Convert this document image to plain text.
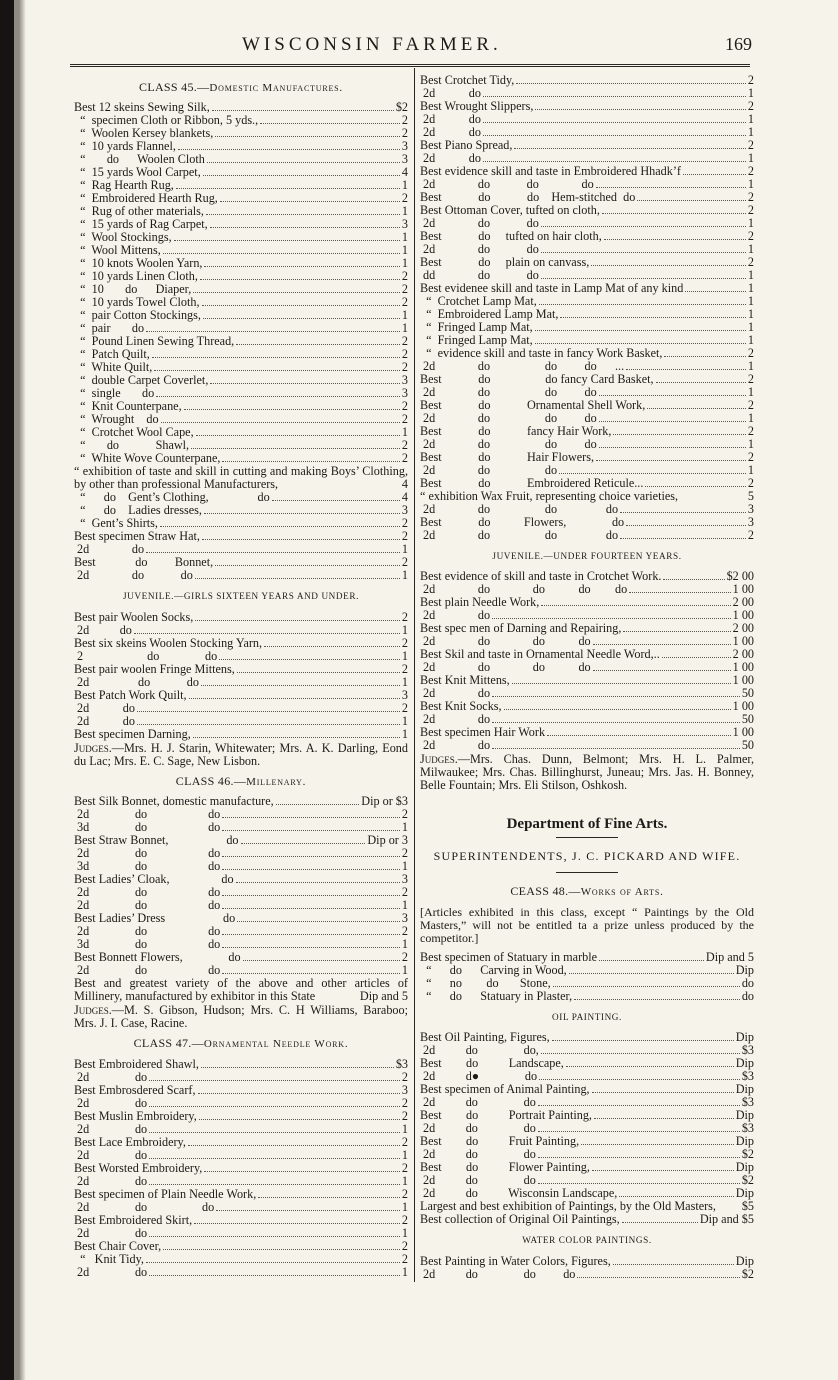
WISCONSIN FARMER.	169
CLASS 45.—Domestic Manufactures.
Best 12 skeins Sewing Silk,	$2
“  specimen Cloth or Ribbon, 5 yds.,	2
“  Woolen Kersey blankets,	2
“  10 yards Flannel,	3
“       do      Woolen Cloth	3
“  15 yards Wool Carpet,	4
“  Rag Hearth Rug,	1
“  Embroidered Hearth Rug,	2
“  Rug of other materials,	1
“  15 yards of Rag Carpet,	3
“  Wool Stockings,	1
“  Wool Mittens,	1
“  10 knots Woolen Yarn,	1
“  10 yards Linen Cloth,	2
“  10       do      Diaper,	2
“  10 yards Towel Cloth,	2
“  pair Cotton Stockings,	1
“  pair       do	1
“  Pound Linen Sewing Thread,	2
“  Patch Quilt,	2
“  White Quilt,	2
“  double Carpet Coverlet,	3
“  single       do	3
“  Knit Counterpane,	2
“  Wrought    do	2
“  Crotchet Wool Cape,	1
“       do            Shawl,	2
“  White Wove Counterpane,	2
“ exhibition of taste and skill in cutting and making Boys’ Clothing, by other than professional Manufacturers,	4
“      do    Gent’s Clothing,                do	4
“      do    Ladies dresses,	3
“  Gent’s Shirts,	2
Best specimen Straw Hat,	2
2d              do	1
Best             do         Bonnet,	2
2d              do            do	1
JUVENILE.—GIRLS SIXTEEN YEARS AND UNDER.
Best pair Woolen Socks,	2
2d          do	1
Best six skeins Woolen Stocking Yarn,	2
2                     do               do	1
Best pair woolen Fringe Mittens,	2
2d                do            do	1
Best Patch Work Quilt,	3
2d           do	2
2d           do	1
Best specimen Darning,	1
Judges.—Mrs. H. J. Starin, Whitewater; Mrs. A. K. Darling, Eond du Lac; Mrs. E. C. Sage, New Lisbon.
CLASS 46.—Millenary.
Best Silk Bonnet, domestic manufacture,	Dip or $3
2d               do                    do	2
3d               do                    do	1
Best Straw Bonnet,                   do	Dip or 3
2d               do                    do	2
3d               do                    do	1
Best Ladies’ Cloak,                 do	3
2d               do                    do	2
2d               do                    do	1
Best Ladies’ Dress                   do	3
2d               do                    do	2
3d               do                    do	1
Best Bonnett Flowers,               do	2
2d               do                    do	1
Best and greatest variety of the above and other articles of Millinery, manufactured by exhibitor in this State	Dip and 5
Judges.—M. S. Gibson, Hudson; Mrs. C. H Williams, Baraboo; Mrs. J. I. Case, Racine.
CLASS 47.—Ornamental Needle Work.
Best Embroidered Shawl,	$3
2d               do	2
Best Embrosdered Scarf,	3
2d               do	2
Best Muslin Embroidery,	2
2d               do	1
Best Lace Embroidery,	2
2d               do	1
Best Worsted Embroidery,	2
2d               do	1
Best specimen of Plain Needle Work,	2
2d               do                  do	1
Best Embroidered Skirt,	2
2d               do	1
Best Chair Cover,	2
“   Knit Tidy,	2
2d               do	1
Best Crotchet Tidy,	2
2d           do	1
Best Wrought Slippers,	2
2d           do	1
2d           do	1
Best Piano Spread,	2
2d           do	1
Best evidence skill and taste in Embroidered Hhadk’f	2
2d              do            do              do	1
Best            do            do    Hem-stitched  do	2
Best Ottoman Cover, tufted on cloth,	2
2d              do            do	1
Best            do     tufted on hair cloth,	2
2d              do            do	1
Best            do     plain on canvass,	2
dd              do            do	1
Best evidenee skill and taste in Lamp Mat of any kind	1
“  Crotchet Lamp Mat,	1
“  Embroidered Lamp Mat,	1
“  Fringed Lamp Mat,	1
“  Fringed Lamp Mat,	1
“  evidence skill and taste in fancy Work Basket,	2
2d              do                  do         do      ...	1
Best            do                  do fancy Card Basket,	2
2d              do                  do         do	1
Best            do            Ornamental Shell Work,	2
2d              do                  do         do	1
Best            do            fancy Hair Work,	2
2d              do                  do         do	1
Best            do            Hair Flowers,	2
2d              do                  do	1
Best            do            Embroidered Reticule...	2
“ exhibition Wax Fruit, representing choice varieties,	5
2d              do                  do                do	3
Best            do           Flowers,               do	3
2d              do                  do                do	2
JUVENILE.—UNDER FOURTEEN YEARS.
Best evidence of skill and taste in Crotchet Work.	$2 00
2d              do              do           do        do	1 00
Best plain Needle Work,	2 00
2d              do	1 00
Best spec men of Darning and Repairing,	2 00
2d              do              do           do	1 00
Best Skil and taste in Ornamental Needle Word,..	2 00
2d              do              do           do	1 00
Best Knit Mittens,	1 00
2d              do	50
Best Knit Socks,	1 00
2d              do	50
Best specimen Hair Work	1 00
2d              do	50
Judges.—Mrs. Chas. Dunn, Belmont; Mrs. H. L. Palmer, Milwaukee; Mrs. Chas. Billinghurst, Juneau; Mrs. Jas. H. Bonney, Belle Fountain; Mrs. Eli Stilson, Oshkosh.
Department of Fine Arts.
SUPERINTENDENTS, J. C. PICKARD AND WIFE.
CEASS 48.—Works of Arts.
[Articles exhibited in this class, except “ Paintings by the Old Masters,” will not be entitled ta a prize unless produced by the competitor.]
Best specimen of Statuary in marble	Dip and 5
“      do      Carving in Wood,	Dip
“      no        do       Stone,	do
“      do      Statuary in Plaster,	do
OIL PAINTING.
Best Oil Painting, Figures,	Dip
2d          do               do,	$3
Best        do          Landscape,	Dip
2d          d●               do	$3
Best specimen of Animal Painting,	Dip
2d          do               do	$3
Best        do          Portrait Painting,	Dip
2d          do               do	$3
Best        do          Fruit Painting,	Dip
2d          do               do	$2
Best        do          Flower Painting,	Dip
2d          do               do	$2
2d          do          Wisconsin Landscape,	Dip
Largest and best exhibition of Paintings, by the Old Masters, $5
Best collection of Original Oil Paintings,	Dip and $5
WATER COLOR PAINTINGS.
Best Painting in Water Colors, Figures,	Dip
2d          do               do         do	$2
